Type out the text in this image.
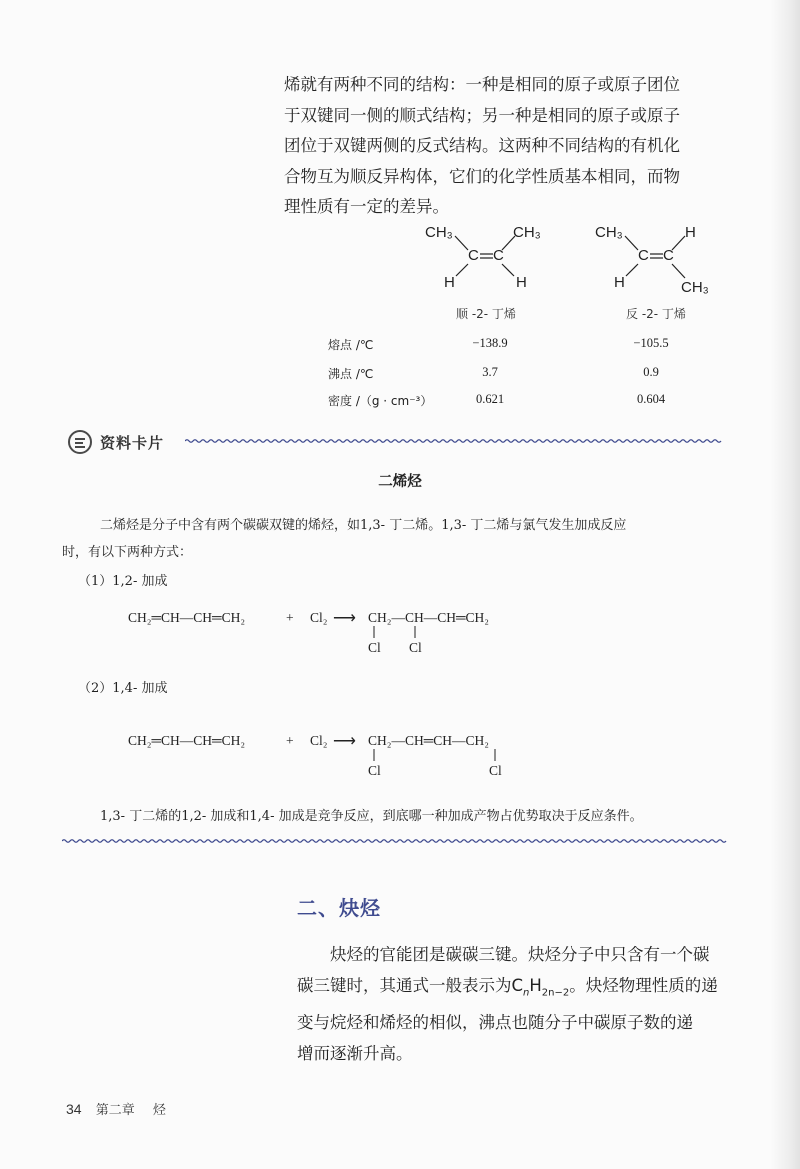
烯就有两种不同的结构：一种是相同的原子或原子团位
于双键同一侧的顺式结构；另一种是相同的原子或原子
团位于双键两侧的反式结构。这两种不同结构的有机化
合物互为顺反异构体，它们的化学性质基本相同，而物
理性质有一定的差异。
CH₃	CH₃
C C
H	H
顺 -2- 丁烯
CH₃	H
C C
H	CH₃
反 -2- 丁烯
熔点 /℃	−138.9	−105.5
沸点 /℃	3.7	0.9
密度 /（g · cm⁻³）	0.621	0.604
资料卡片
二烯烃
二烯烃是分子中含有两个碳碳双键的烯烃，如1,3- 丁二烯。1,3- 丁二烯与氯气发生加成反应
时，有以下两种方式：
（1）1,2- 加成
（2）1,4- 加成
1,3- 丁二烯的1,2- 加成和1,4- 加成是竞争反应，到底哪一种加成产物占优势取决于反应条件。
CH₂═CH—CH═CH₂	+ Cl₂ ⟶ CH₂—CH—CH═CH₂
Cl Cl
CH₂═CH—CH═CH₂	+ Cl₂ ⟶ CH₂—CH═CH—CH₂
Cl	Cl
二、炔烃
炔烃的官能团是碳碳三键。炔烃分子中只含有一个碳
碳三键时，其通式一般表示为$C_nH_{2n-2}$。炔烃物理性质的递
变与烷烃和烯烃的相似，沸点也随分子中碳原子数的递
增而逐渐升高。
34 第二章 烃
